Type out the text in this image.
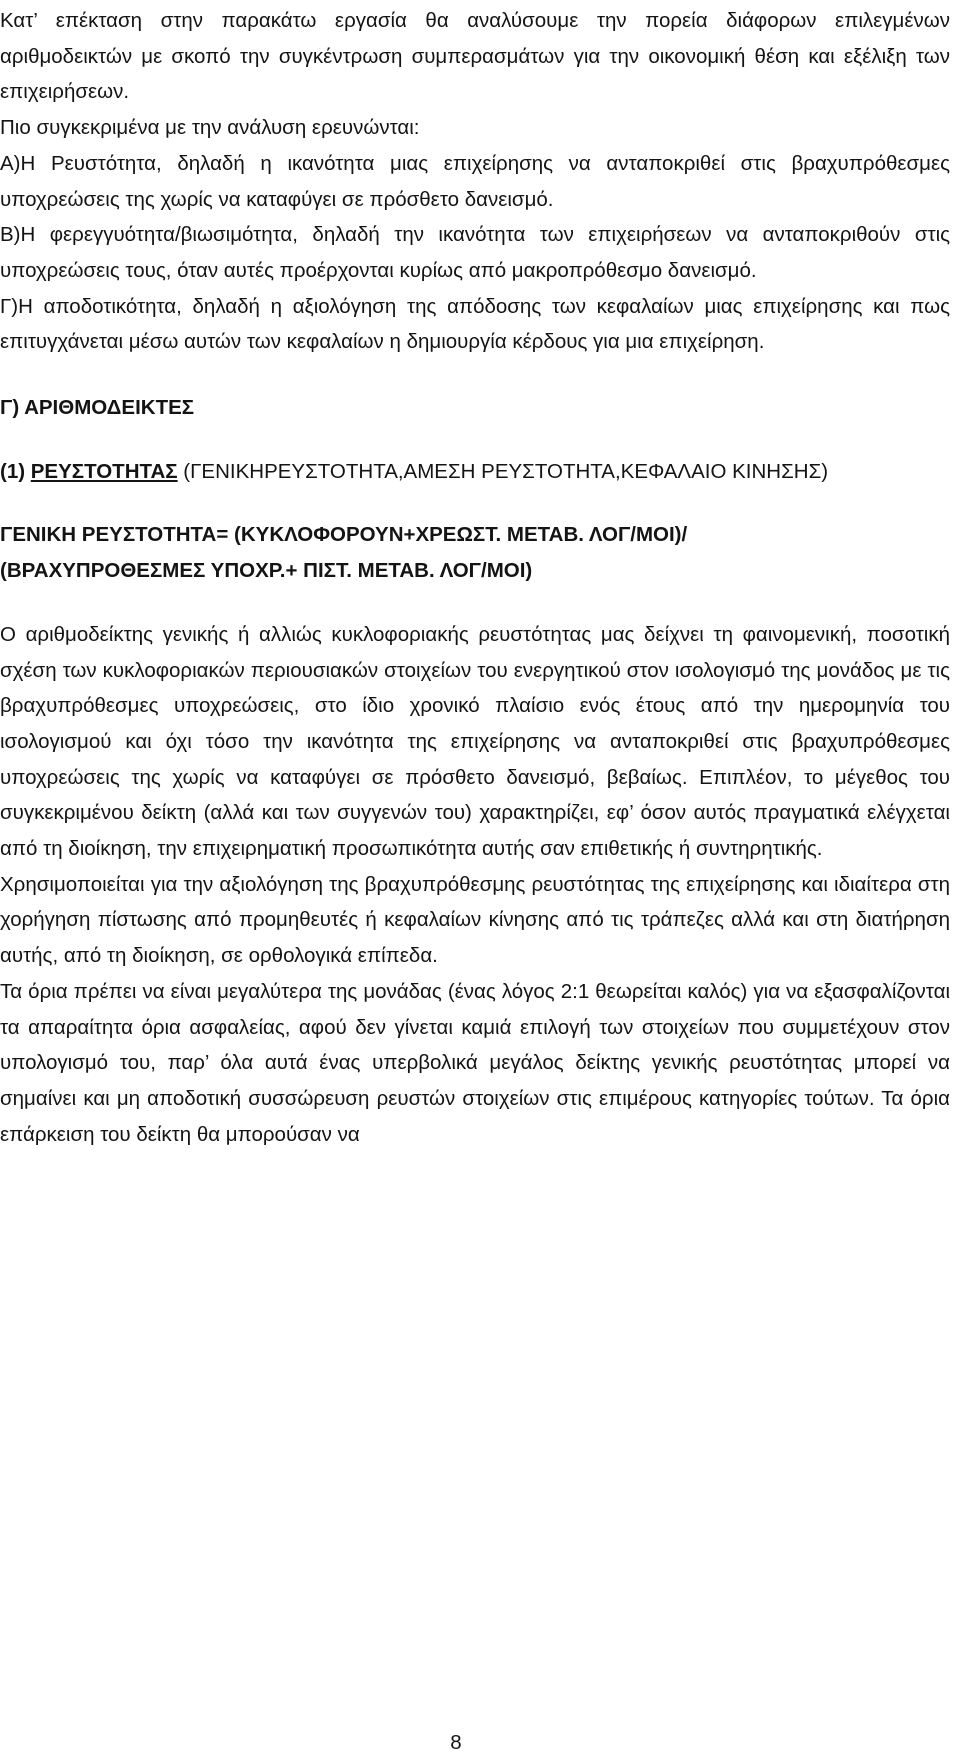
Κατ’ επέκταση στην παρακάτω εργασία θα αναλύσουμε την πορεία διάφορων επιλεγμένων αριθμοδεικτών με σκοπό την συγκέντρωση συμπερασμάτων για την οικονομική θέση και εξέλιξη των επιχειρήσεων.

Πιο συγκεκριμένα με την ανάλυση ερευνώνται:

Α)Η Ρευστότητα, δηλαδή η ικανότητα μιας επιχείρησης να ανταποκριθεί στις βραχυπρόθεσμες υποχρεώσεις της χωρίς να καταφύγει σε πρόσθετο δανεισμό.

Β)Η φερεγγυότητα/βιωσιμότητα, δηλαδή την ικανότητα των επιχειρήσεων να ανταποκριθούν στις υποχρεώσεις τους, όταν αυτές προέρχονται κυρίως από μακροπρόθεσμο δανεισμό.

Γ)Η αποδοτικότητα, δηλαδή η αξιολόγηση της απόδοσης των κεφαλαίων μιας επιχείρησης και πως επιτυγχάνεται μέσω αυτών των κεφαλαίων η δημιουργία κέρδους για μια επιχείρηση.

Γ) ΑΡΙΘΜΟΔΕΙΚΤΕΣ

(1) ΡΕΥΣΤΟΤΗΤΑΣ (ΓΕΝΙΚΗΡΕΥΣΤΟΤΗΤΑ,ΑΜΕΣΗ ΡΕΥΣΤΟΤΗΤΑ,ΚΕΦΑΛΑΙΟ ΚΙΝΗΣΗΣ)

ΓΕΝΙΚΗ ΡΕΥΣΤΟΤΗΤΑ= (ΚΥΚΛΟΦΟΡΟΥΝ+ΧΡΕΩΣΤ. ΜΕΤΑΒ. ΛΟΓ/ΜΟΙ)/

(ΒΡΑΧΥΠΡΟΘΕΣΜΕΣ ΥΠΟΧΡ.+ ΠΙΣΤ. ΜΕΤΑΒ. ΛΟΓ/ΜΟΙ)

Ο αριθμοδείκτης γενικής ή αλλιώς κυκλοφοριακής ρευστότητας μας δείχνει τη φαινομενική, ποσοτική σχέση των κυκλοφοριακών περιουσιακών στοιχείων του ενεργητικού στον ισολογισμό της μονάδος με τις βραχυπρόθεσμες υποχρεώσεις, στο ίδιο χρονικό πλαίσιο ενός έτους από την ημερομηνία του ισολογισμού και όχι τόσο την ικανότητα της επιχείρησης να ανταποκριθεί στις βραχυπρόθεσμες υποχρεώσεις της χωρίς να καταφύγει σε πρόσθετο δανεισμό, βεβαίως. Επιπλέον, το μέγεθος του συγκεκριμένου δείκτη (αλλά και των συγγενών του) χαρακτηρίζει, εφ’ όσον αυτός πραγματικά ελέγχεται από τη διοίκηση, την επιχειρηματική προσωπικότητα αυτής σαν επιθετικής ή συντηρητικής.

Χρησιμοποιείται για την αξιολόγηση της βραχυπρόθεσμης ρευστότητας της επιχείρησης και ιδιαίτερα στη χορήγηση πίστωσης από προμηθευτές ή κεφαλαίων κίνησης από τις τράπεζες αλλά και στη διατήρηση αυτής, από τη διοίκηση, σε ορθολογικά επίπεδα.

Τα όρια πρέπει να είναι μεγαλύτερα της μονάδας (ένας λόγος 2:1 θεωρείται καλός) για να εξασφαλίζονται τα απαραίτητα όρια ασφαλείας, αφού δεν γίνεται καμιά επιλογή των στοιχείων που συμμετέχουν στον υπολογισμό του, παρ’ όλα αυτά ένας υπερβολικά μεγάλος δείκτης γενικής ρευστότητας μπορεί να σημαίνει και μη αποδοτική συσσώρευση ρευστών στοιχείων στις επιμέρους κατηγορίες τούτων. Τα όρια επάρκειση του δείκτη θα μπορούσαν να

8
